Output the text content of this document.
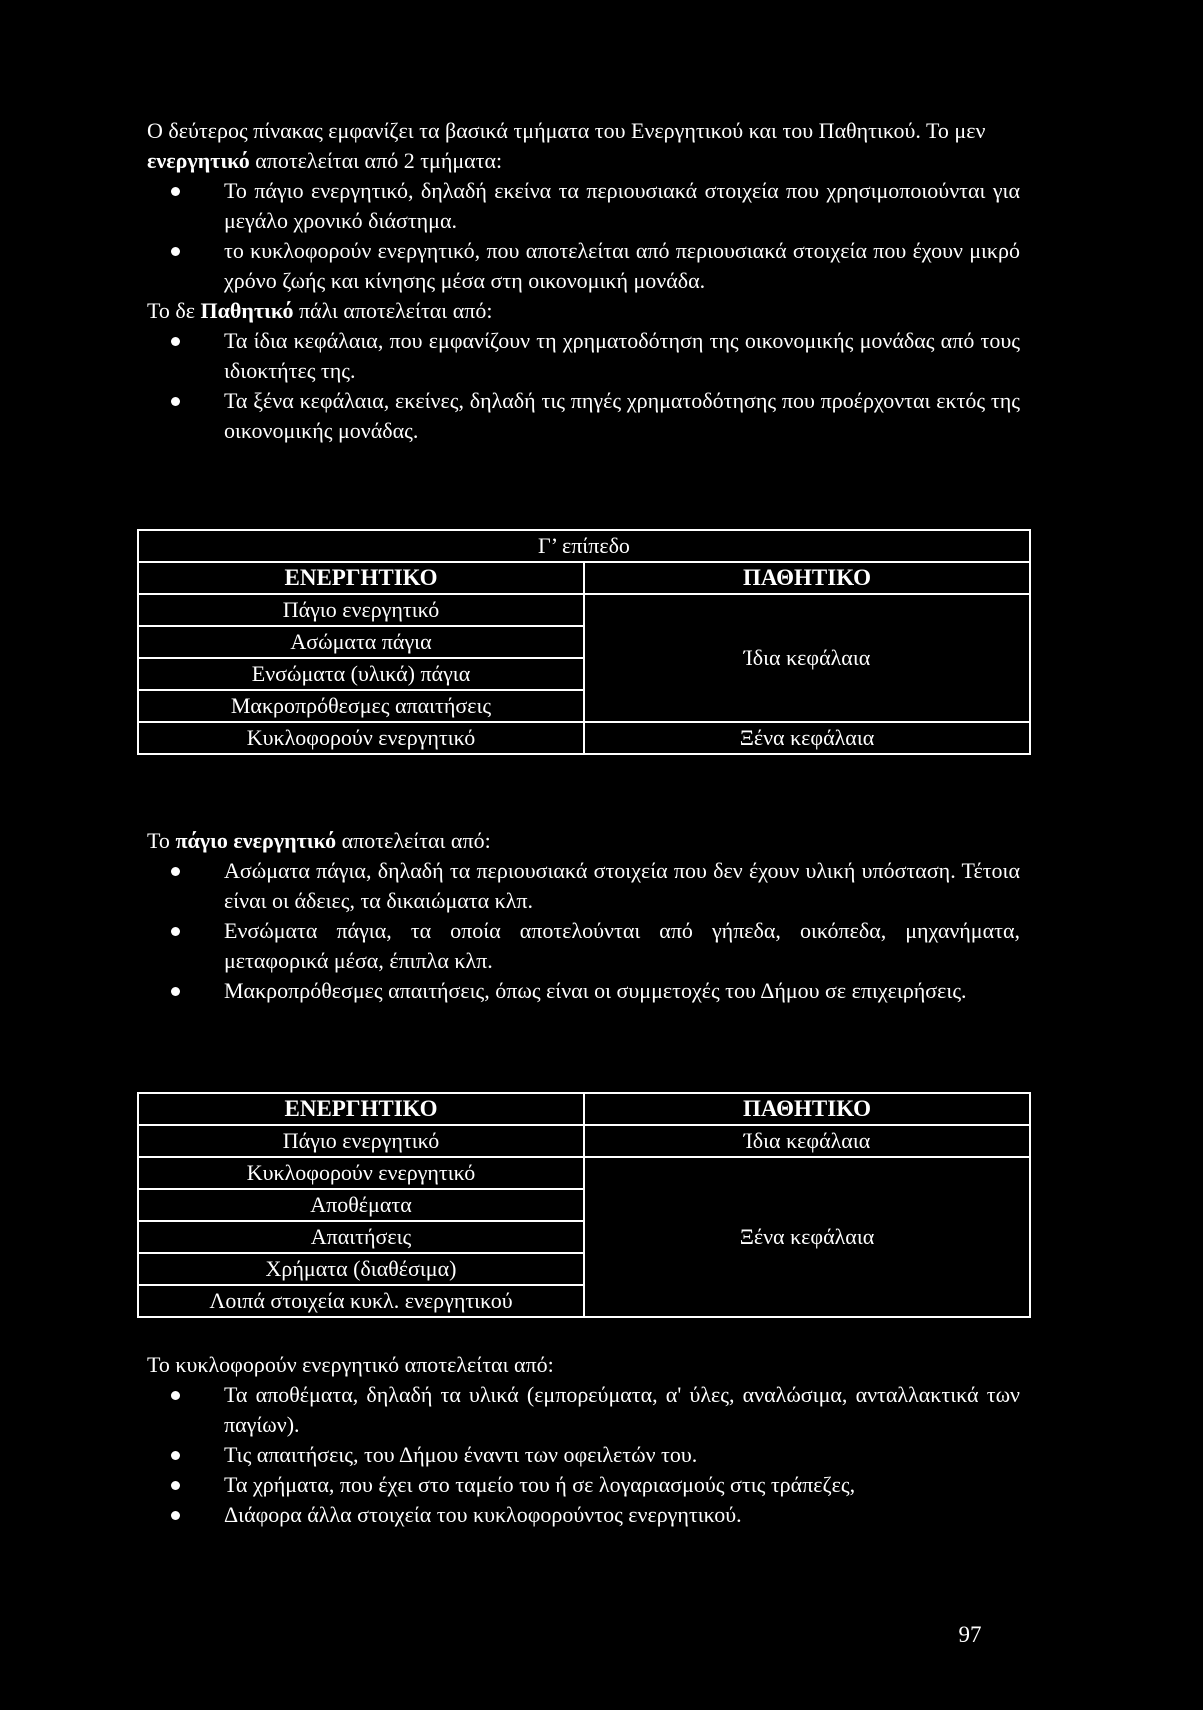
Ο δεύτερος πίνακας εμφανίζει τα βασικά τμήματα του Ενεργητικού και του Παθητικού. Το μεν ενεργητικό αποτελείται από 2 τμήματα:

Το πάγιο ενεργητικό, δηλαδή εκείνα τα περιουσιακά στοιχεία που χρησιμοποιούνται για μεγάλο χρονικό διάστημα.
το κυκλοφορούν ενεργητικό, που αποτελείται από περιουσιακά στοιχεία που έχουν μικρό χρόνο ζωής και κίνησης μέσα στη οικονομική μονάδα.

Το δε Παθητικό πάλι αποτελείται από:

Τα ίδια κεφάλαια, που εμφανίζουν τη χρηματοδότηση της οικονομικής μονάδας από τους ιδιοκτήτες της.
Τα ξένα κεφάλαια, εκείνες, δηλαδή τις πηγές χρηματοδότησης που προέρχονται εκτός της οικονομικής μονάδας.
Γ’ επίπεδο	
ΕΝΕΡΓΗΤΙΚΟ	ΠΑΘΗΤΙΚΟ
Πάγιο ενεργητικό	Ίδια κεφάλαια
Ασώματα πάγια	
Ενσώματα (υλικά) πάγια	
Μακροπρόθεσμες απαιτήσεις	
Κυκλοφορούν ενεργητικό	Ξένα κεφάλαια

Το πάγιο ενεργητικό αποτελείται από:

Ασώματα πάγια, δηλαδή τα περιουσιακά στοιχεία που δεν έχουν υλική υπόσταση. Τέτοια είναι οι άδειες, τα δικαιώματα κλπ.
Ενσώματα πάγια, τα οποία αποτελούνται από γήπεδα, οικόπεδα, μηχανήματα, μεταφορικά μέσα, έπιπλα κλπ.
Μακροπρόθεσμες απαιτήσεις, όπως είναι οι συμμετοχές του Δήμου σε επιχειρήσεις.
ΕΝΕΡΓΗΤΙΚΟ	ΠΑΘΗΤΙΚΟ
Πάγιο ενεργητικό	Ίδια κεφάλαια
Κυκλοφορούν ενεργητικό	Ξένα κεφάλαια
Αποθέματα	
Απαιτήσεις	
Χρήματα (διαθέσιμα)	
Λοιπά στοιχεία κυκλ. ενεργητικού	

Το κυκλοφορούν ενεργητικό αποτελείται από:

Τα αποθέματα, δηλαδή τα υλικά (εμπορεύματα, α' ύλες, αναλώσιμα, ανταλλακτικά των παγίων).
Τις απαιτήσεις, του Δήμου έναντι των οφειλετών του.
Τα χρήματα, που έχει στο ταμείο του ή σε λογαριασμούς στις τράπεζες,
Διάφορα άλλα στοιχεία του κυκλοφορούντος ενεργητικού.
97
